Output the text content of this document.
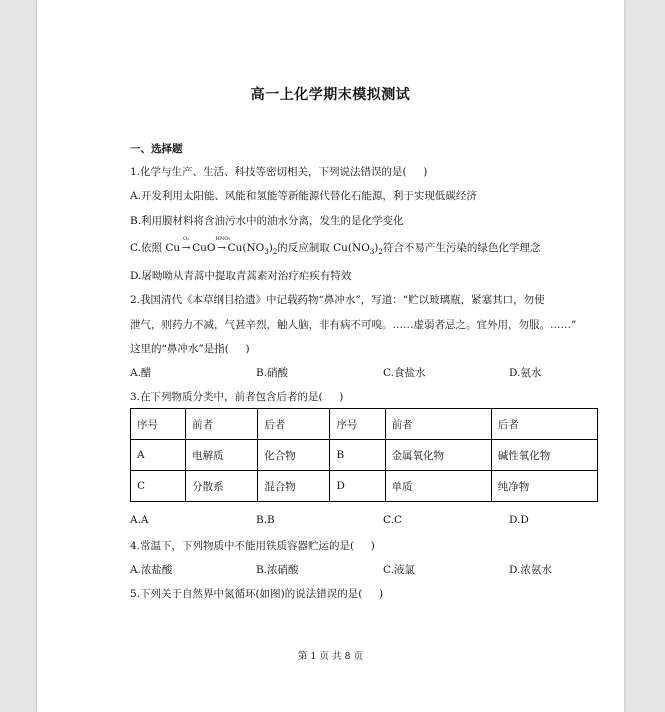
高一上化学期末模拟测试
一、选择题
1.化学与生产、生活、科技等密切相关，下列说法错误的是(     )
A.开发利用太阳能、风能和氢能等新能源代替化石能源，利于实现低碳经济
B.利用膜材料将含油污水中的油水分离，发生的是化学变化
C.依照 Cu
O₂
→ CuO
HNO₃
→ $Cu(NO_3)_2$的反应制取 $Cu(NO_3)_2$符合不易产生污染的绿色化学理念
D.屠呦呦从青蒿中提取青蒿素对治疗疟疾有特效
2.我国清代《本草纲目拾遗》中记载药物“鼻冲水”，写道：“贮以玻璃瓶，紧塞其口，勿使
泄气，则药力不减，气甚辛烈，触人脑，非有病不可嗅。……虚弱者忌之。宜外用，勿服。……”
这里的“鼻冲水”是指(     )
A.醋	B.硝酸	C.食盐水	D.氨水
3.在下列物质分类中，前者包含后者的是(     )
序号	前者	后者	序号	前者	后者
A	电解质	化合物	B	金属氧化物	碱性氧化物
C	分散系	混合物	D	单质	纯净物
A.A	B.B	C.C	D.D
4.常温下，下列物质中不能用铁质容器贮运的是(     )
A.浓盐酸	B.浓硝酸	C.液氯	D.浓氨水
5.下列关于自然界中氮循环(如图)的说法错误的是(     )
第 1 页 共 8 页
